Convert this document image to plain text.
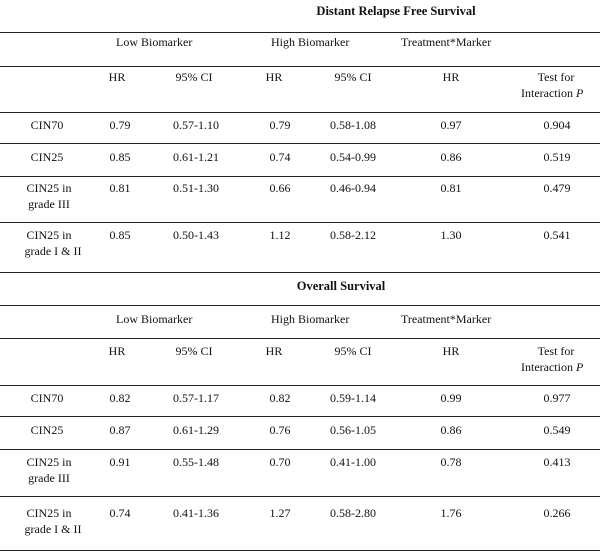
Distant Relapse Free Survival
Low Biomarker	High Biomarker	Treatment*Marker
HR	95% CI	HR	95% CI	HR	Test for
Interaction P
CIN70	0.79	0.57-1.10	0.79	0.58-1.08	0.97	0.904
CIN25	0.85	0.61-1.21	0.74	0.54-0.99	0.86	0.519
CIN25 in
grade III
0.81	0.51-1.30	0.66	0.46-0.94	0.81	0.479
CIN25 in
grade I & II
0.85	0.50-1.43	1.12	0.58-2.12	1.30	0.541
Overall Survival
Low Biomarker	High Biomarker	Treatment*Marker
HR	95% CI	HR	95% CI	HR	Test for
Interaction P
CIN70	0.82	0.57-1.17	0.82	0.59-1.14	0.99	0.977
CIN25	0.87	0.61-1.29	0.76	0.56-1.05	0.86	0.549
CIN25 in
grade III
0.91	0.55-1.48	0.70	0.41-1.00	0.78	0.413
CIN25 in
grade I & II
0.74	0.41-1.36	1.27	0.58-2.80	1.76	0.266
